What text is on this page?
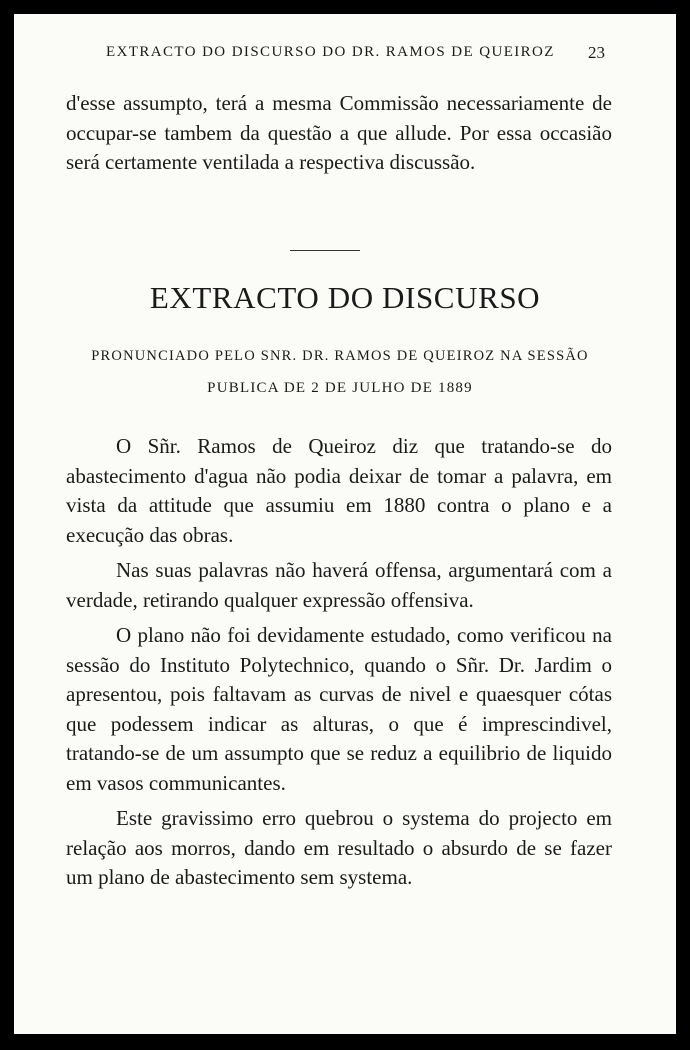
EXTRACTO DO DISCURSO DO DR. RAMOS DE QUEIROZ 23

d'esse assumpto, terá a mesma Commissão necessariamente de occupar-se tambem da questão a que allude. Por essa occasião será certamente ventilada a respectiva discussão.

EXTRACTO DO DISCURSO
PRONUNCIADO PELO SNR. DR. RAMOS DE QUEIROZ NA SESSÃO
PUBLICA DE 2 DE JULHO DE 1889

O Sñr. Ramos de Queiroz diz que tratando-se do abastecimento d'agua não podia deixar de tomar a palavra, em vista da attitude que assumiu em 1880 contra o plano e a execução das obras.

Nas suas palavras não haverá offensa, argumentará com a verdade, retirando qualquer expressão offensiva.

O plano não foi devidamente estudado, como verificou na sessão do Instituto Polytechnico, quando o Sñr. Dr. Jardim o apresentou, pois faltavam as curvas de nivel e quaesquer cótas que podessem indicar as alturas, o que é imprescindivel, tratando-se de um assumpto que se reduz a equilibrio de liquido em vasos communicantes.

Este gravissimo erro quebrou o systema do projecto em relação aos morros, dando em resultado o absurdo de se fazer um plano de abastecimento sem systema.
